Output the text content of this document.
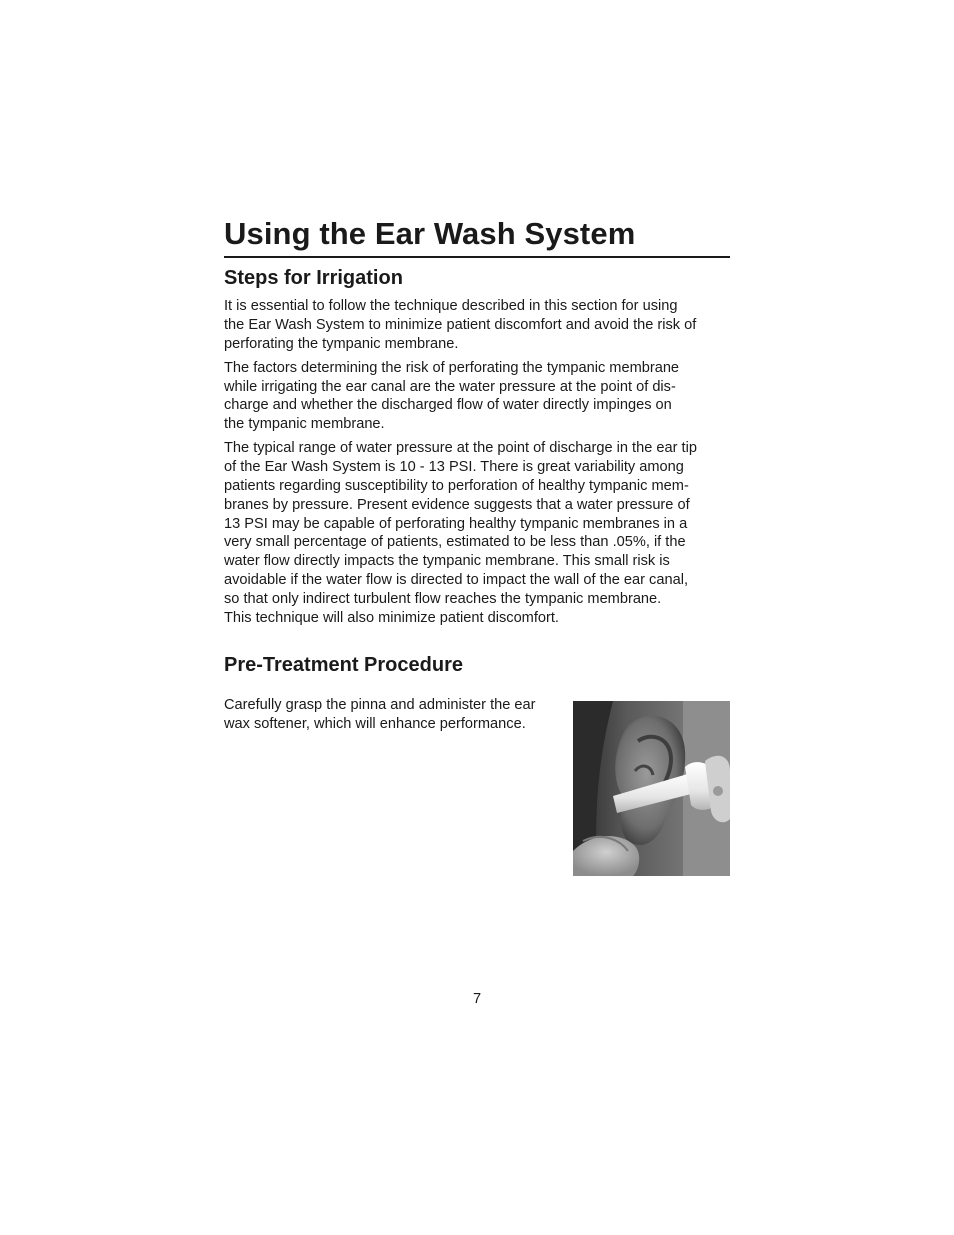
Using the Ear Wash System
Steps for Irrigation

It is essential to follow the technique described in this section for using
the Ear Wash System to minimize patient discomfort and avoid the risk of
perforating the tympanic membrane.

The factors determining the risk of perforating the tympanic membrane
while irrigating the ear canal are the water pressure at the point of dis-
charge and whether the discharged flow of water directly impinges on
the tympanic membrane.

The typical range of water pressure at the point of discharge in the ear tip
of the Ear Wash System is 10 - 13 PSI. There is great variability among
patients regarding susceptibility to perforation of healthy tympanic mem-
branes by pressure. Present evidence suggests that a water pressure of
13 PSI may be capable of perforating healthy tympanic membranes in a
very small percentage of patients, estimated to be less than .05%, if the
water flow directly impacts the tympanic membrane. This small risk is
avoidable if the water flow is directed to impact the wall of the ear canal,
so that only indirect turbulent flow reaches the tympanic membrane.
This technique will also minimize patient discomfort.

Pre-Treatment Procedure

Carefully grasp the pinna and administer the ear
wax softener, which will enhance performance.

7
